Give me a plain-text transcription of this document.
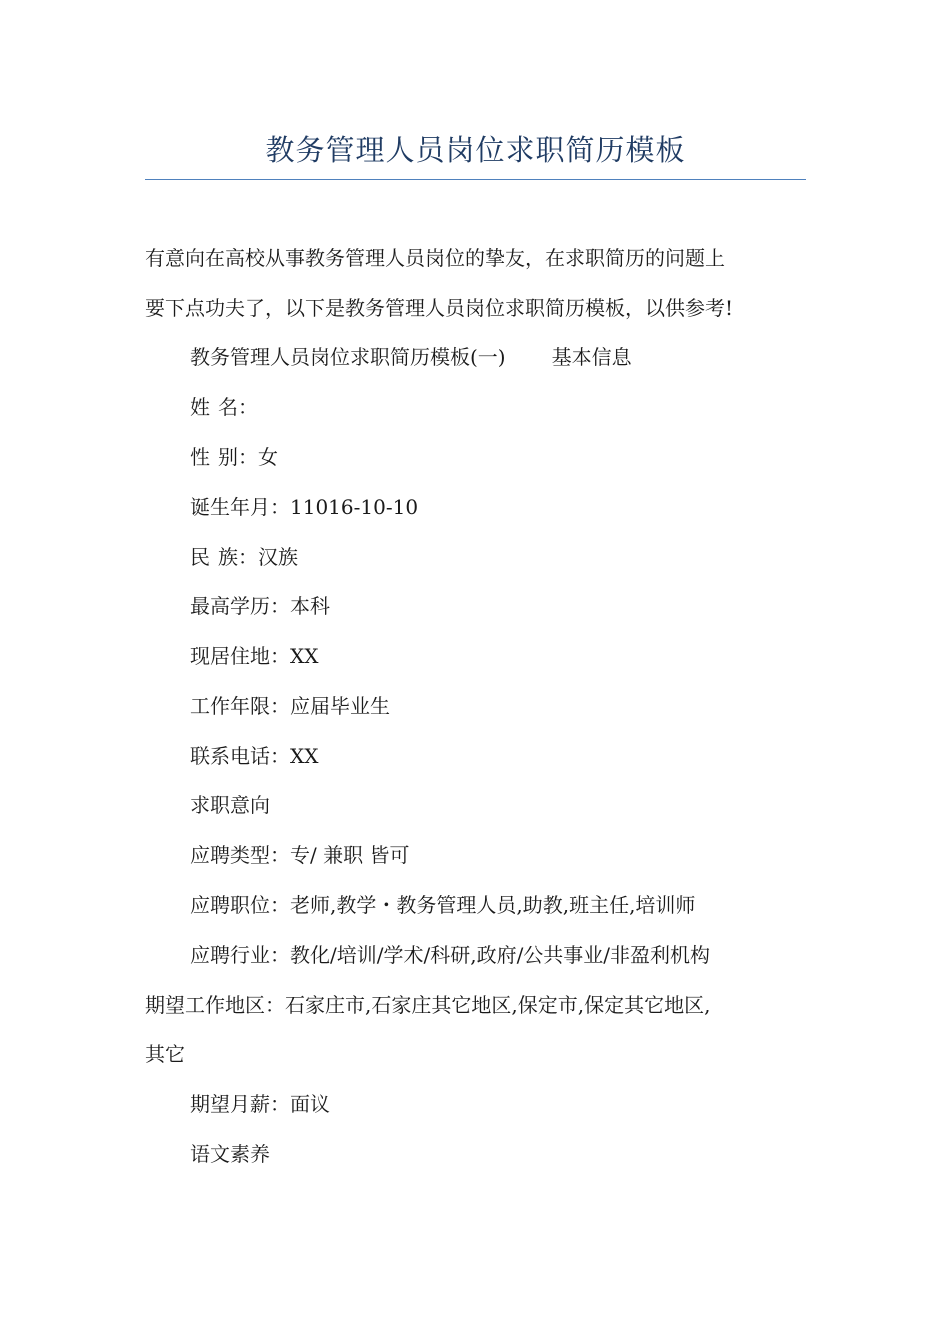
教务管理人员岗位求职简历模板
有意向在高校从事教务管理人员岗位的挚友，在求职简历的问题上
要下点功夫了，以下是教务管理人员岗位求职简历模板，以供参考!
教务管理人员岗位求职简历模板(一) 基本信息
姓 名：
性 别：女
诞生年月：11016-10-10
民 族：汉族
最高学历：本科
现居住地：XX
工作年限：应届毕业生
联系电话：XX
求职意向
应聘类型：专/ 兼职 皆可
应聘职位：老师,教学・教务管理人员,助教,班主任,培训师
应聘行业：教化/培训/学术/科研,政府/公共事业/非盈利机构
期望工作地区：石家庄市,石家庄其它地区,保定市,保定其它地区,
其它
期望月薪：面议
语文素养
